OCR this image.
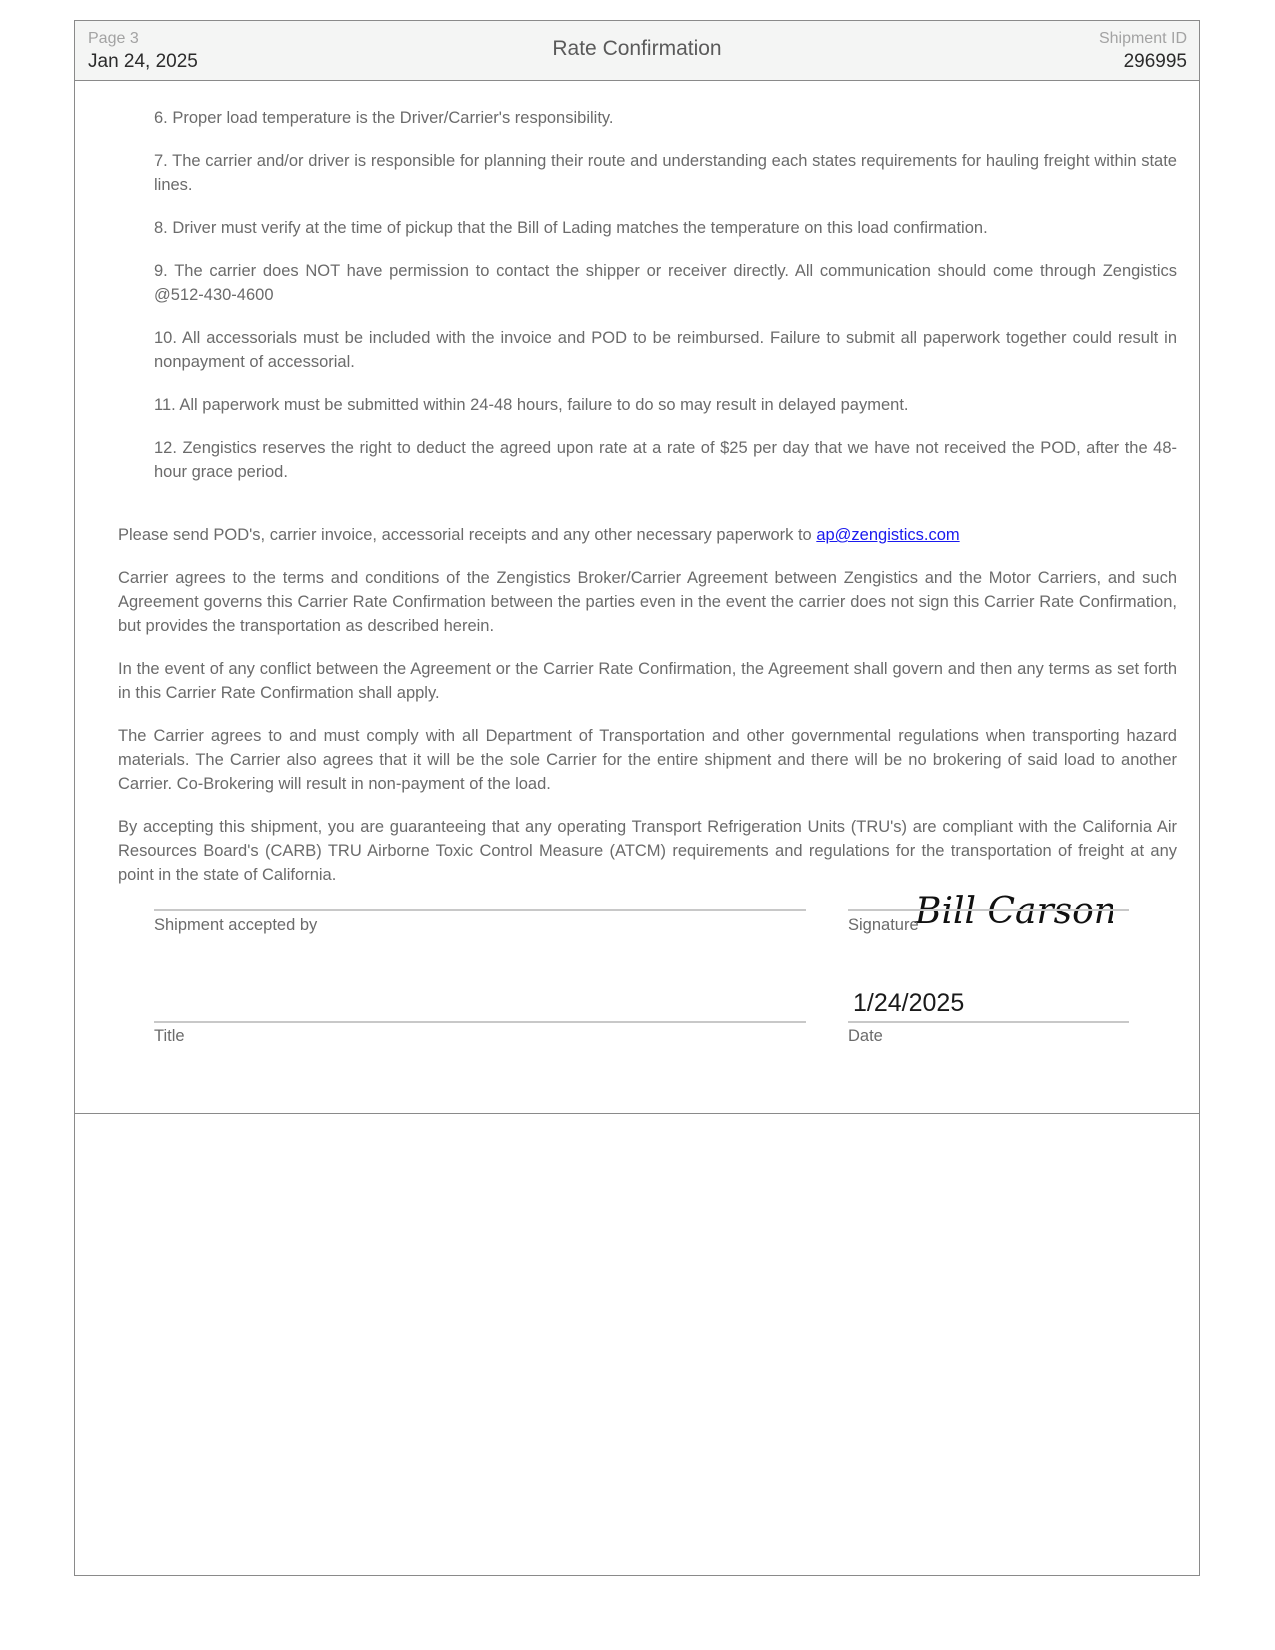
Page 3
Jan 24, 2025
Rate Confirmation	Shipment ID
296995
6. Proper load temperature is the Driver/Carrier's responsibility.
7. The carrier and/or driver is responsible for planning their route and understanding each states requirements for hauling freight within state lines.
8. Driver must verify at the time of pickup that the Bill of Lading matches the temperature on this load confirmation.
9. The carrier does NOT have permission to contact the shipper or receiver directly. All communication should come through Zengistics @512-430-4600
10. All accessorials must be included with the invoice and POD to be reimbursed. Failure to submit all paperwork together could result in nonpayment of accessorial.
11. All paperwork must be submitted within 24-48 hours, failure to do so may result in delayed payment.
12. Zengistics reserves the right to deduct the agreed upon rate at a rate of $25 per day that we have not received the POD, after the 48-hour grace period.

Please send POD's, carrier invoice, accessorial receipts and any other necessary paperwork to ap@zengistics.com

Carrier agrees to the terms and conditions of the Zengistics Broker/Carrier Agreement between Zengistics and the Motor Carriers, and such Agreement governs this Carrier Rate Confirmation between the parties even in the event the carrier does not sign this Carrier Rate Confirmation, but provides the transportation as described herein.

In the event of any conflict between the Agreement or the Carrier Rate Confirmation, the Agreement shall govern and then any terms as set forth in this Carrier Rate Confirmation shall apply.

The Carrier agrees to and must comply with all Department of Transportation and other governmental regulations when transporting hazard materials. The Carrier also agrees that it will be the sole Carrier for the entire shipment and there will be no brokering of said load to another Carrier. Co-Brokering will result in non-payment of the load.

By accepting this shipment, you are guaranteeing that any operating Transport Refrigeration Units (TRU's) are compliant with the California Air Resources Board's (CARB) TRU Airborne Toxic Control Measure (ATCM) requirements and regulations for the transportation of freight at any point in the state of California.

Shipment accepted by	Bill Carson
Signature
Title
1/24/2025
Date
